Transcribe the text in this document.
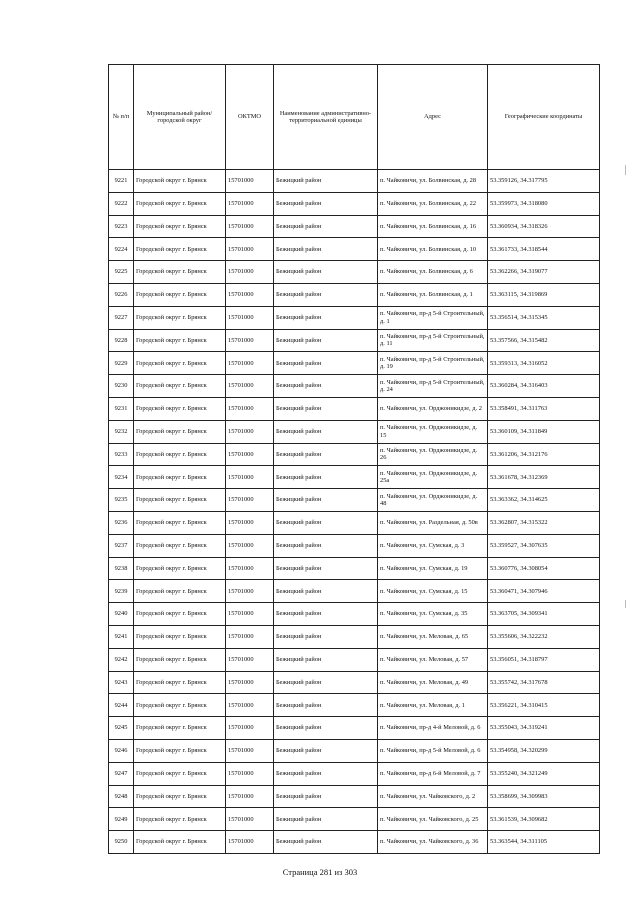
№ п/п	Муниципальный район/городской округ	ОКТМО	Наименование административно-территориальной единицы	Адрес	Географические координаты
9221	Городской округ г. Брянск	15701000	Бежицкий район	п. Чайковичи, ул. Болвинская, д. 28	53.359126, 34.317795
9222	Городской округ г. Брянск	15701000	Бежицкий район	п. Чайковичи, ул. Болвинская, д. 22	53.359973, 34.318080
9223	Городской округ г. Брянск	15701000	Бежицкий район	п. Чайковичи, ул. Болвинская, д. 16	53.360934, 34.318326
9224	Городской округ г. Брянск	15701000	Бежицкий район	п. Чайковичи, ул. Болвинская, д. 10	53.361733, 34.318544
9225	Городской округ г. Брянск	15701000	Бежицкий район	п. Чайковичи, ул. Болвинская, д. 6	53.362266, 34.319077
9226	Городской округ г. Брянск	15701000	Бежицкий район	п. Чайковичи, ул. Болвинская, д. 1	53.363115, 34.319869
9227	Городской округ г. Брянск	15701000	Бежицкий район	п. Чайковичи, пр-д 5-й Строительный, д. 1	53.356514, 34.315345
9228	Городской округ г. Брянск	15701000	Бежицкий район	п. Чайковичи, пр-д 5-й Строительный, д. 11	53.357566, 34.315482
9229	Городской округ г. Брянск	15701000	Бежицкий район	п. Чайковичи, пр-д 5-й Строительный, д. 19	53.359313, 34.316052
9230	Городской округ г. Брянск	15701000	Бежицкий район	п. Чайковичи, пр-д 5-й Строительный, д. 24	53.360284, 34.316403
9231	Городской округ г. Брянск	15701000	Бежицкий район	п. Чайковичи, ул. Орджоникидзе, д. 2	53.358491, 34.311763
9232	Городской округ г. Брянск	15701000	Бежицкий район	п. Чайковичи, ул. Орджоникидзе, д. 15	53.360109, 34.311849
9233	Городской округ г. Брянск	15701000	Бежицкий район	п. Чайковичи, ул. Орджоникидзе, д. 26	53.361206, 34.312176
9234	Городской округ г. Брянск	15701000	Бежицкий район	п. Чайковичи, ул. Орджоникидзе, д. 25а	53.361678, 34.312369
9235	Городской округ г. Брянск	15701000	Бежицкий район	п. Чайковичи, ул. Орджоникидзе, д. 48	53.363362, 34.314625
9236	Городской округ г. Брянск	15701000	Бежицкий район	п. Чайковичи, ул. Раздельная, д. 50в	53.362807, 34.315322
9237	Городской округ г. Брянск	15701000	Бежицкий район	п. Чайковичи, ул. Сумская, д. 3	53.359527, 34.307635
9238	Городской округ г. Брянск	15701000	Бежицкий район	п. Чайковичи, ул. Сумская, д. 19	53.360776, 34.308054
9239	Городской округ г. Брянск	15701000	Бежицкий район	п. Чайковичи, ул. Сумская, д. 15	53.360471, 34.307946
9240	Городской округ г. Брянск	15701000	Бежицкий район	п. Чайковичи, ул. Сумская, д. 35	53.363705, 34.309341
9241	Городской округ г. Брянск	15701000	Бежицкий район	п. Чайковичи, ул. Меловая, д. 65	53.355606, 34.322232
9242	Городской округ г. Брянск	15701000	Бежицкий район	п. Чайковичи, ул. Меловая, д. 57	53.356051, 34.318797
9243	Городской округ г. Брянск	15701000	Бежицкий район	п. Чайковичи, ул. Меловая, д. 49	53.355742, 34.317678
9244	Городской округ г. Брянск	15701000	Бежицкий район	п. Чайковичи, ул. Меловая, д. 1	53.356221, 34.310415
9245	Городской округ г. Брянск	15701000	Бежицкий район	п. Чайковичи, пр-д 4-й Меловой, д. 6	53.355043, 34.319241
9246	Городской округ г. Брянск	15701000	Бежицкий район	п. Чайковичи, пр-д 5-й Меловой, д. 6	53.354958, 34.320299
9247	Городской округ г. Брянск	15701000	Бежицкий район	п. Чайковичи, пр-д 6-й Меловой, д. 7	53.355240, 34.321249
9248	Городской округ г. Брянск	15701000	Бежицкий район	п. Чайковичи, ул. Чайковского, д. 2	53.358699, 34.309983
9249	Городской округ г. Брянск	15701000	Бежицкий район	п. Чайковичи, ул. Чайковского, д. 25	53.361539, 34.309682
9250	Городской округ г. Брянск	15701000	Бежицкий район	п. Чайковичи, ул. Чайковского, д. 36	53.363544, 34.311105
Страница 281 из 303
